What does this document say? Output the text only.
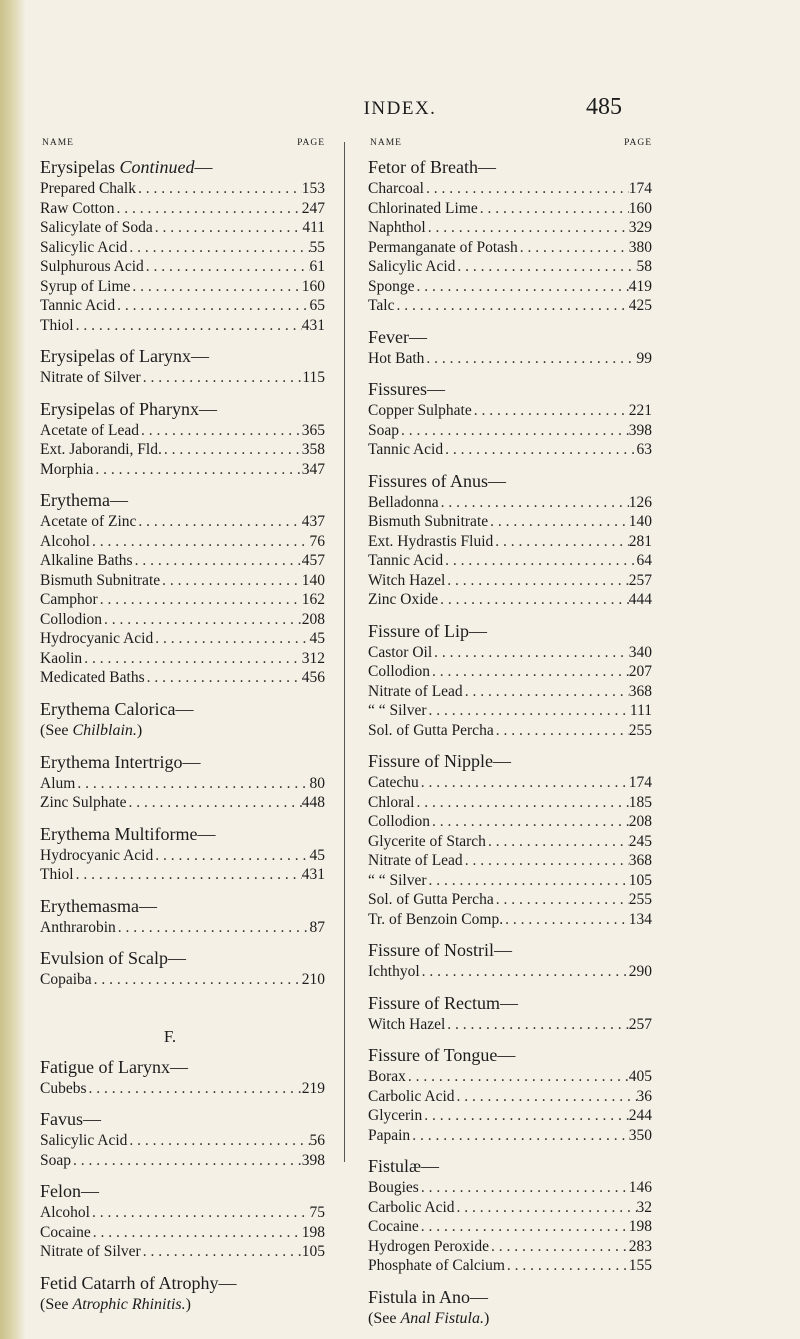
INDEX.	485
NAME	PAGE
Erysipelas Continued—
Prepared Chalk . . .	153
Raw Cotton . . .	247
Salicylate of Soda . . .	411
Salicylic Acid . . .	55
Sulphurous Acid . . .	61
Syrup of Lime . . .	160
Tannic Acid . . .	65
Thiol . . .	431
Erysipelas of Larynx—
Nitrate of Silver . . .	115
Erysipelas of Pharynx—
Acetate of Lead . . .	365
Ext. Jaborandi, Fld. . . .	358
Morphia . . .	347
Erythema—
Acetate of Zinc . . .	437
Alcohol . . .	76
Alkaline Baths . . .	457
Bismuth Subnitrate . . .	140
Camphor . . .	162
Collodion . . .	208
Hydrocyanic Acid . . .	45
Kaolin . . .	312
Medicated Baths . . .	456
Erythema Calorica—
(See Chilblain.)
Erythema Intertrigo—
Alum . . .	80
Zinc Sulphate . . .	448
Erythema Multiforme—
Hydrocyanic Acid . . .	45
Thiol . . .	431
Erythemasma—
Anthrarobin . . .	87
Evulsion of Scalp—
Copaiba . . .	210
F.
Fatigue of Larynx—
Cubebs . . .	219
Favus—
Salicylic Acid . . .	56
Soap . . .	398
Felon—
Alcohol . . .	75
Cocaine . . .	198
Nitrate of Silver . . .	105
Fetid Catarrh of Atrophy—
(See Atrophic Rhinitis.)
NAME	PAGE
Fetor of Breath—
Charcoal . . .	174
Chlorinated Lime . . .	160
Naphthol . . .	329
Permanganate of Potash . . .	380
Salicylic Acid . . .	58
Sponge . . .	419
Talc . . .	425
Fever—
Hot Bath . . .	99
Fissures—
Copper Sulphate . . .	221
Soap . . .	398
Tannic Acid . . .	63
Fissures of Anus—
Belladonna . . .	126
Bismuth Subnitrate . . .	140
Ext. Hydrastis Fluid . . .	281
Tannic Acid . . .	64
Witch Hazel . . .	257
Zinc Oxide . . .	444
Fissure of Lip—
Castor Oil . . .	340
Collodion . . .	207
Nitrate of Lead . . .	368
“ “ Silver . . .	111
Sol. of Gutta Percha . . .	255
Fissure of Nipple—
Catechu . . .	174
Chloral . . .	185
Collodion . . .	208
Glycerite of Starch . . .	245
Nitrate of Lead . . .	368
“ “ Silver . . .	105
Sol. of Gutta Percha . . .	255
Tr. of Benzoin Comp. . . .	134
Fissure of Nostril—
Ichthyol . . .	290
Fissure of Rectum—
Witch Hazel . . .	257
Fissure of Tongue—
Borax . . .	405
Carbolic Acid . . .	36
Glycerin . . .	244
Papain . . .	350
Fistulæ—
Bougies . . .	146
Carbolic Acid . . .	32
Cocaine . . .	198
Hydrogen Peroxide . . .	283
Phosphate of Calcium . . .	155
Fistula in Ano—
(See Anal Fistula.)
